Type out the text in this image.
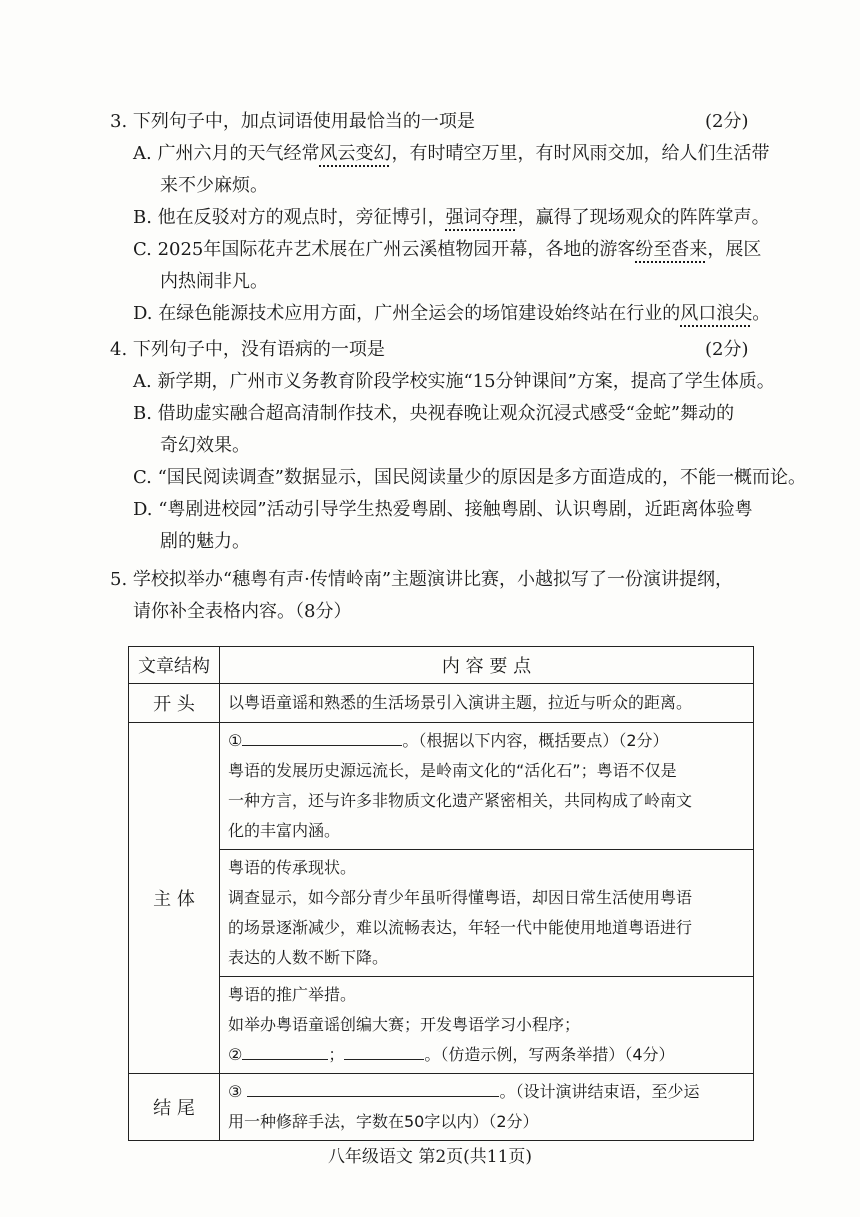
3. 下列句子中，加点词语使用最恰当的一项是	(2分)
A. 广州六月的天气经常风云变幻，有时晴空万里，有时风雨交加，给人们生活带
来不少麻烦。
B. 他在反驳对方的观点时，旁征博引，强词夺理，赢得了现场观众的阵阵掌声。
C. 2025年国际花卉艺术展在广州云溪植物园开幕，各地的游客纷至沓来，展区
内热闹非凡。
D. 在绿色能源技术应用方面，广州全运会的场馆建设始终站在行业的风口浪尖。
4. 下列句子中，没有语病的一项是	(2分)
A. 新学期，广州市义务教育阶段学校实施“15分钟课间”方案，提高了学生体质。
B. 借助虚实融合超高清制作技术，央视春晚让观众沉浸式感受“金蛇”舞动的
奇幻效果。
C. “国民阅读调查”数据显示，国民阅读量少的原因是多方面造成的，不能一概而论。
D. “粤剧进校园”活动引导学生热爱粤剧、接触粤剧、认识粤剧，近距离体验粤
剧的魅力。
5. 学校拟举办“穗粤有声·传情岭南”主题演讲比赛，小越拟写了一份演讲提纲，
请你补全表格内容。（8分）
文章结构	内 容 要 点
开 头	以粤语童谣和熟悉的生活场景引入演讲主题，拉近与听众的距离。
主 体	① 。（根据以下内容，概括要点）（2分）
粤语的发展历史源远流长，是岭南文化的“活化石”；粤语不仅是
一种方言，还与许多非物质文化遗产紧密相关，共同构成了岭南文
化的丰富内涵。

	粤语的传承现状。
调查显示，如今部分青少年虽听得懂粤语，却因日常生活使用粤语
的场景逐渐减少，难以流畅表达，年轻一代中能使用地道粤语进行
表达的人数不断下降。

	粤语的推广举措。
如举办粤语童谣创编大赛；开发粤语学习小程序；
② ； 。（仿造示例，写两条举措）（4分）

结 尾	③ 。（设计演讲结束语，至少运
用一种修辞手法，字数在50字以内）（2分）
八年级语文 第2页(共11页)
